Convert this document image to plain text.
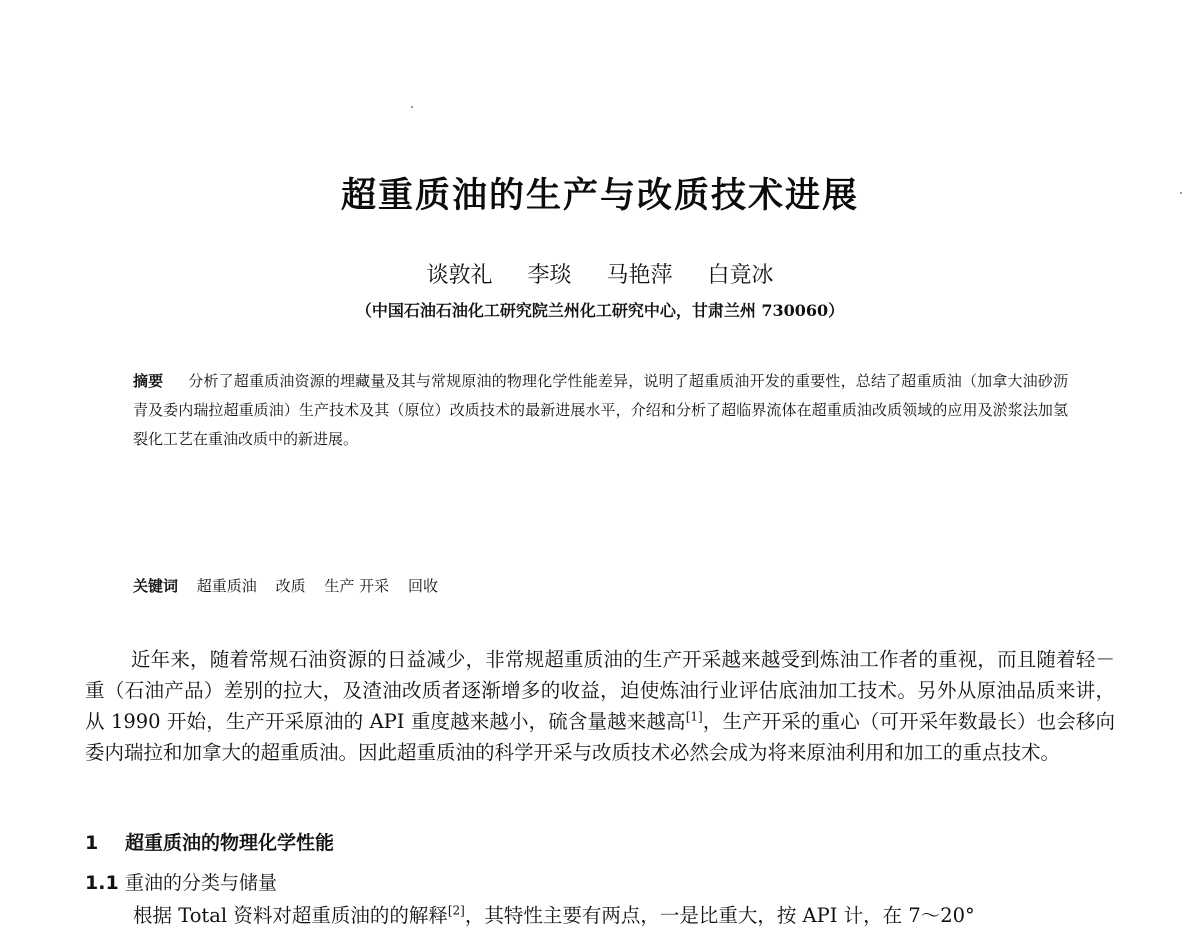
超重质油的生产与改质技术进展
谈敦礼 李琰 马艳萍 白竟冰
（中国石油石油化工研究院兰州化工研究中心，甘肃兰州 730060）
摘要 分析了超重质油资源的埋藏量及其与常规原油的物理化学性能差异，说明了超重质油开发的重要性，总结了超重质油（加拿大油砂沥青及委内瑞拉超重质油）生产技术及其（原位）改质技术的最新进展水平，介绍和分析了超临界流体在超重质油改质领域的应用及淤浆法加氢裂化工艺在重油改质中的新进展。
关键词 超重质油 改质 生产 开采 回收
近年来，随着常规石油资源的日益减少，非常规超重质油的生产开采越来越受到炼油工作者的重视，而且随着轻－重（石油产品）差别的拉大，及渣油改质者逐渐增多的收益，迫使炼油行业评估底油加工技术。另外从原油品质来讲，从 1990 开始，生产开采原油的 API 重度越来越小，硫含量越来越高[1]，生产开采的重心（可开采年数最长）也会移向委内瑞拉和加拿大的超重质油。因此超重质油的科学开采与改质技术必然会成为将来原油利用和加工的重点技术。
1 超重质油的物理化学性能
1.1 重油的分类与储量
根据 Total 资料对超重质油的的解释[2]，其特性主要有两点，一是比重大，按 API 计，在 7～20°
